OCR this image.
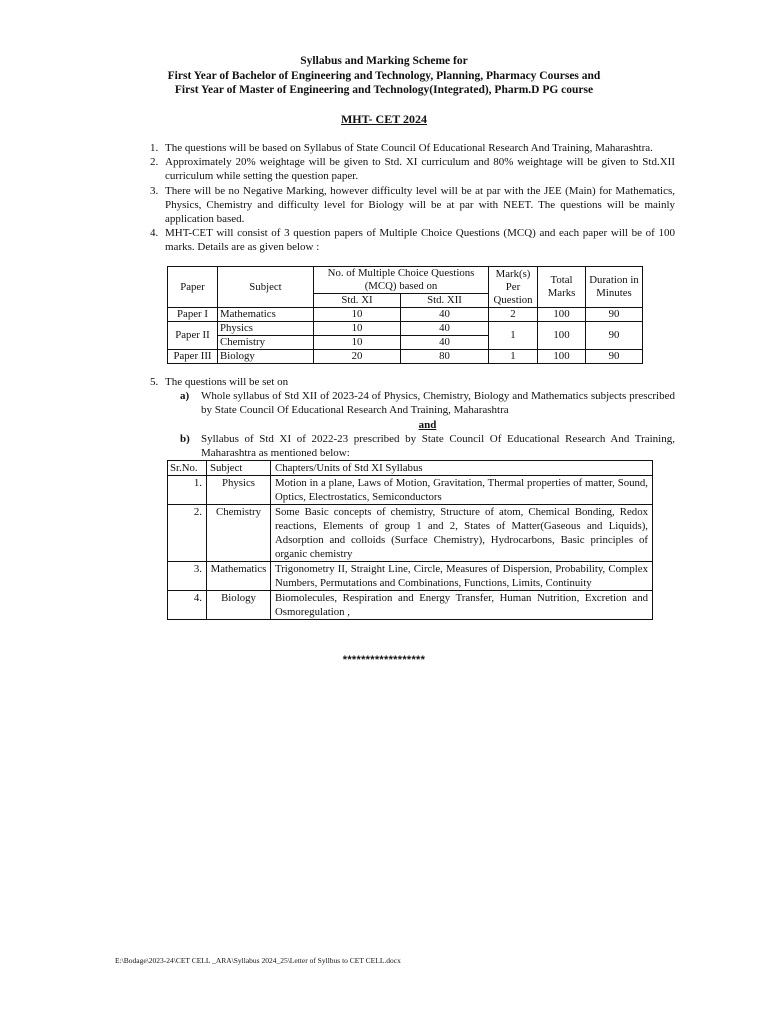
Syllabus and Marking Scheme for
First Year of Bachelor of Engineering and Technology, Planning, Pharmacy Courses and
First Year of Master of Engineering and Technology(Integrated), Pharm.D PG course
MHT- CET 2024
1. The questions will be based on Syllabus of State Council Of Educational Research And Training, Maharashtra.
2. Approximately 20% weightage will be given to Std. XI curriculum and 80% weightage will be given to Std.XII curriculum while setting the question paper.
3. There will be no Negative Marking, however difficulty level will be at par with the JEE (Main) for Mathematics, Physics, Chemistry and difficulty level for Biology will be at par with NEET. The questions will be mainly application based.
4. MHT-CET will consist of 3 question papers of Multiple Choice Questions (MCQ) and each paper will be of 100 marks. Details are as given below :
Paper	Subject	No. of Multiple Choice Questions (MCQ) based on		Mark(s) Per Question	Total Marks	Duration in Minutes
		Std. XI	Std. XII			
Paper I	Mathematics	10	40	2	100	90
Paper II	Physics	10	40	1	100	90
	Chemistry	10	40			
Paper III	Biology	20	80	1	100	90
5. The questions will be set on
a)	Whole syllabus of Std XII of 2023-24 of Physics, Chemistry, Biology and Mathematics subjects prescribed by State Council Of Educational Research And Training, Maharashtra
and
b)	Syllabus of Std XI of 2022-23 prescribed by State Council Of Educational Research And Training, Maharashtra as mentioned below:
Sr.No.	Subject	Chapters/Units of Std XI Syllabus
1.	Physics	Motion in a plane, Laws of Motion, Gravitation, Thermal properties of matter, Sound, Optics, Electrostatics, Semiconductors
2.	Chemistry	Some Basic concepts of chemistry, Structure of atom, Chemical Bonding, Redox reactions, Elements of group 1 and 2, States of Matter(Gaseous and Liquids), Adsorption and colloids (Surface Chemistry), Hydrocarbons, Basic principles of organic chemistry
3.	Mathematics	Trigonometry II, Straight Line, Circle, Measures of Dispersion, Probability, Complex Numbers, Permutations and Combinations, Functions, Limits, Continuity
4.	Biology	Biomolecules, Respiration and Energy Transfer, Human Nutrition, Excretion and Osmoregulation ,
******************
E:\Bodage\2023-24\CET CELL _ARA\Syllabus 2024_25\Letter of Syllbus to CET CELL.docx
